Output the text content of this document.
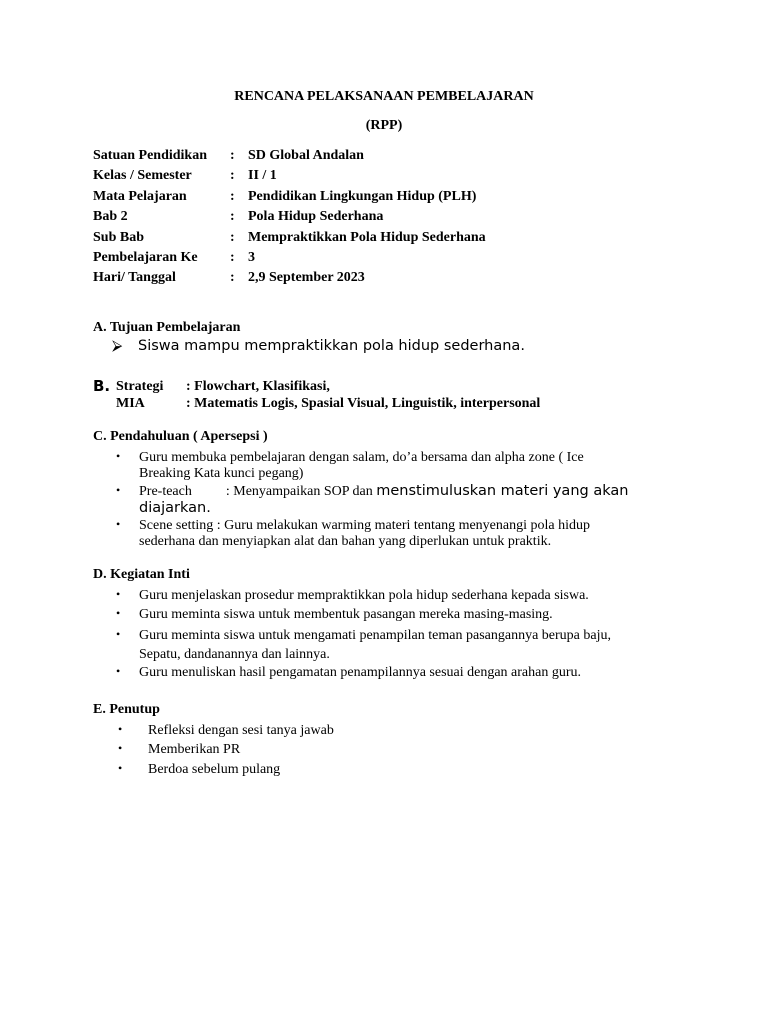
RENCANA PELAKSANAAN PEMBELAJARAN
(RPP)
Satuan Pendidikan : SD Global Andalan
Kelas / Semester	: II / 1
Mata Pelajaran	: Pendidikan Lingkungan Hidup (PLH)
Bab 2	: Pola Hidup Sederhana
Sub Bab	: Mempraktikkan Pola Hidup Sederhana
Pembelajaran Ke : 3
Hari/ Tanggal	: 2,9 September 2023
A. Tujuan Pembelajaran
⮚ Siswa mampu mempraktikkan pola hidup sederhana.
B. Strategi : Flowchart, Klasifikasi,
MIA	: Matematis Logis, Spasial Visual, Linguistik, interpersonal
C. Pendahuluan ( Apersepsi )
• Guru membuka pembelajaran dengan salam, do’a bersama dan alpha zone ( Ice
Breaking Kata kunci pegang)
• Pre-teach : Menyampaikan SOP dan menstimuluskan materi yang akan
diajarkan.
• Scene setting : Guru melakukan warming materi tentang menyenangi pola hidup
sederhana dan menyiapkan alat dan bahan yang diperlukan untuk praktik.
D. Kegiatan Inti
• Guru menjelaskan prosedur mempraktikkan pola hidup sederhana kepada siswa.
• Guru meminta siswa untuk membentuk pasangan mereka masing-masing.
• Guru meminta siswa untuk mengamati penampilan teman pasangannya berupa baju,
Sepatu, dandanannya dan lainnya.
• Guru menuliskan hasil pengamatan penampilannya sesuai dengan arahan guru.
E. Penutup
• Refleksi dengan sesi tanya jawab
• Memberikan PR
• Berdoa sebelum pulang
